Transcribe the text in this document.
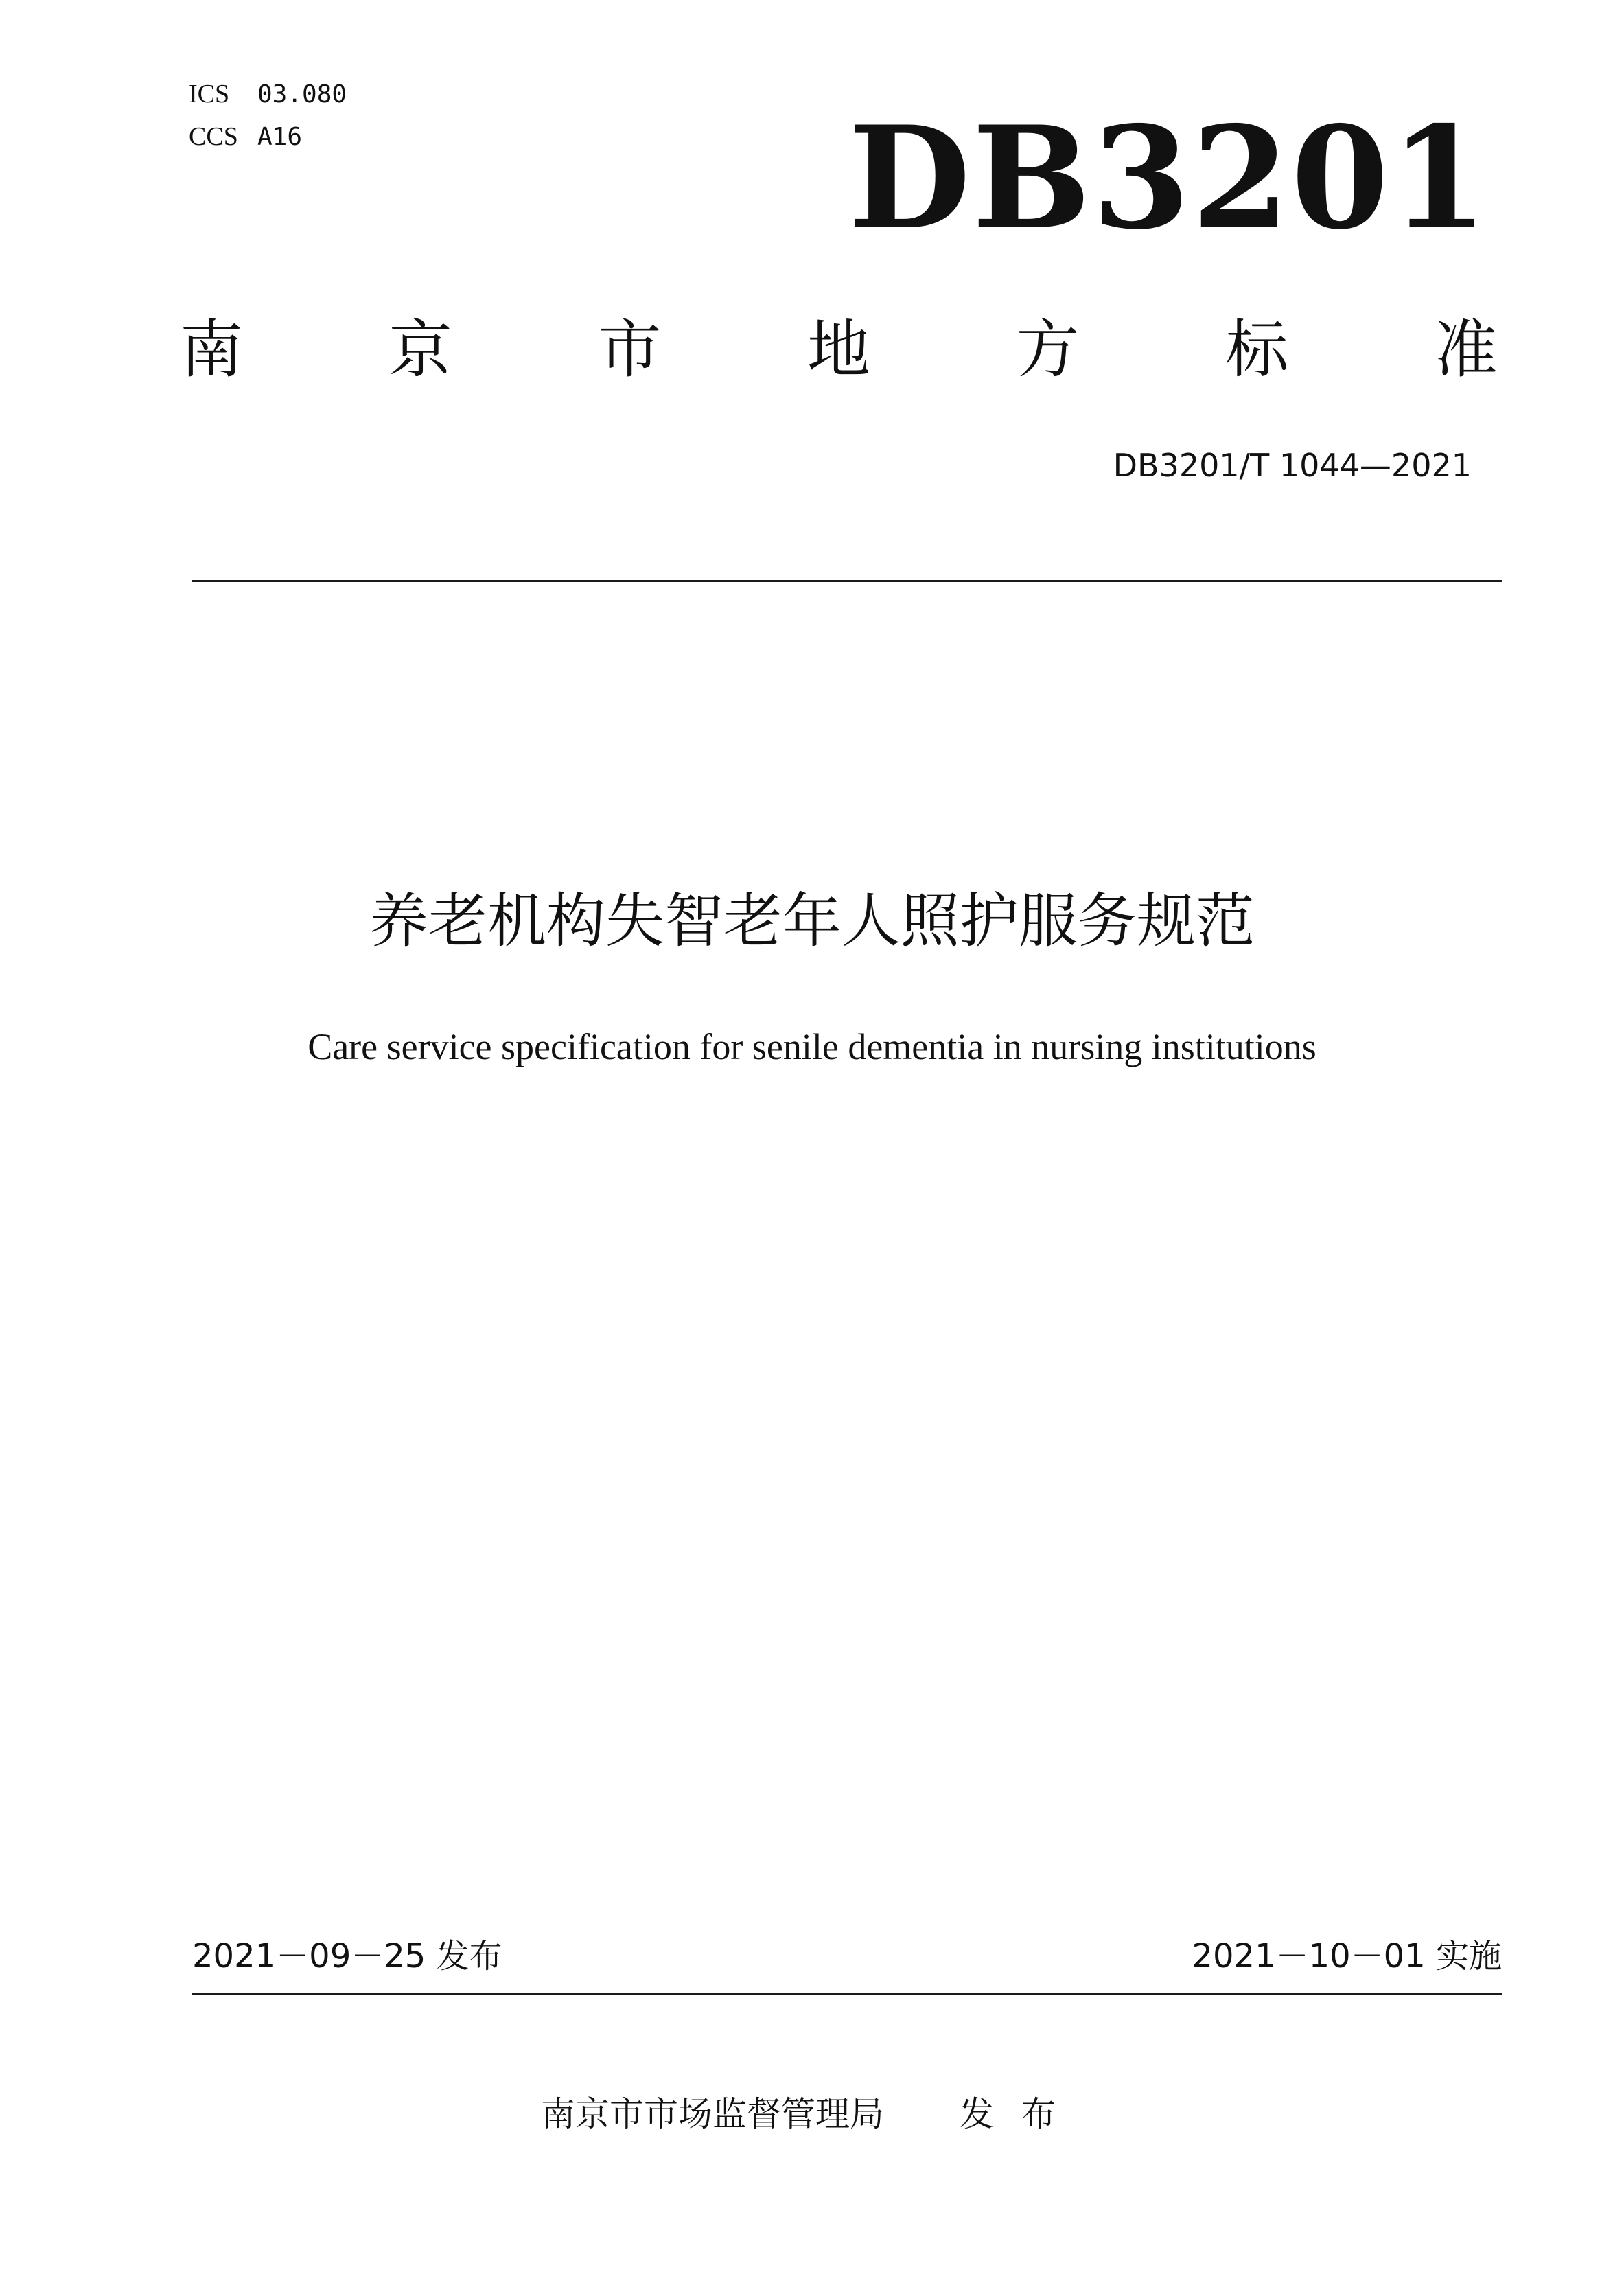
ICS 03.080
CCS A16	DB3201
南 京 市 地 方 标 准
DB3201/T 1044—2021
养老机构失智老年人照护服务规范
Care service specification for senile dementia in nursing institutions
2021－09－25 发布	2021－10－01 实施
南京市市场监督管理局 发布
